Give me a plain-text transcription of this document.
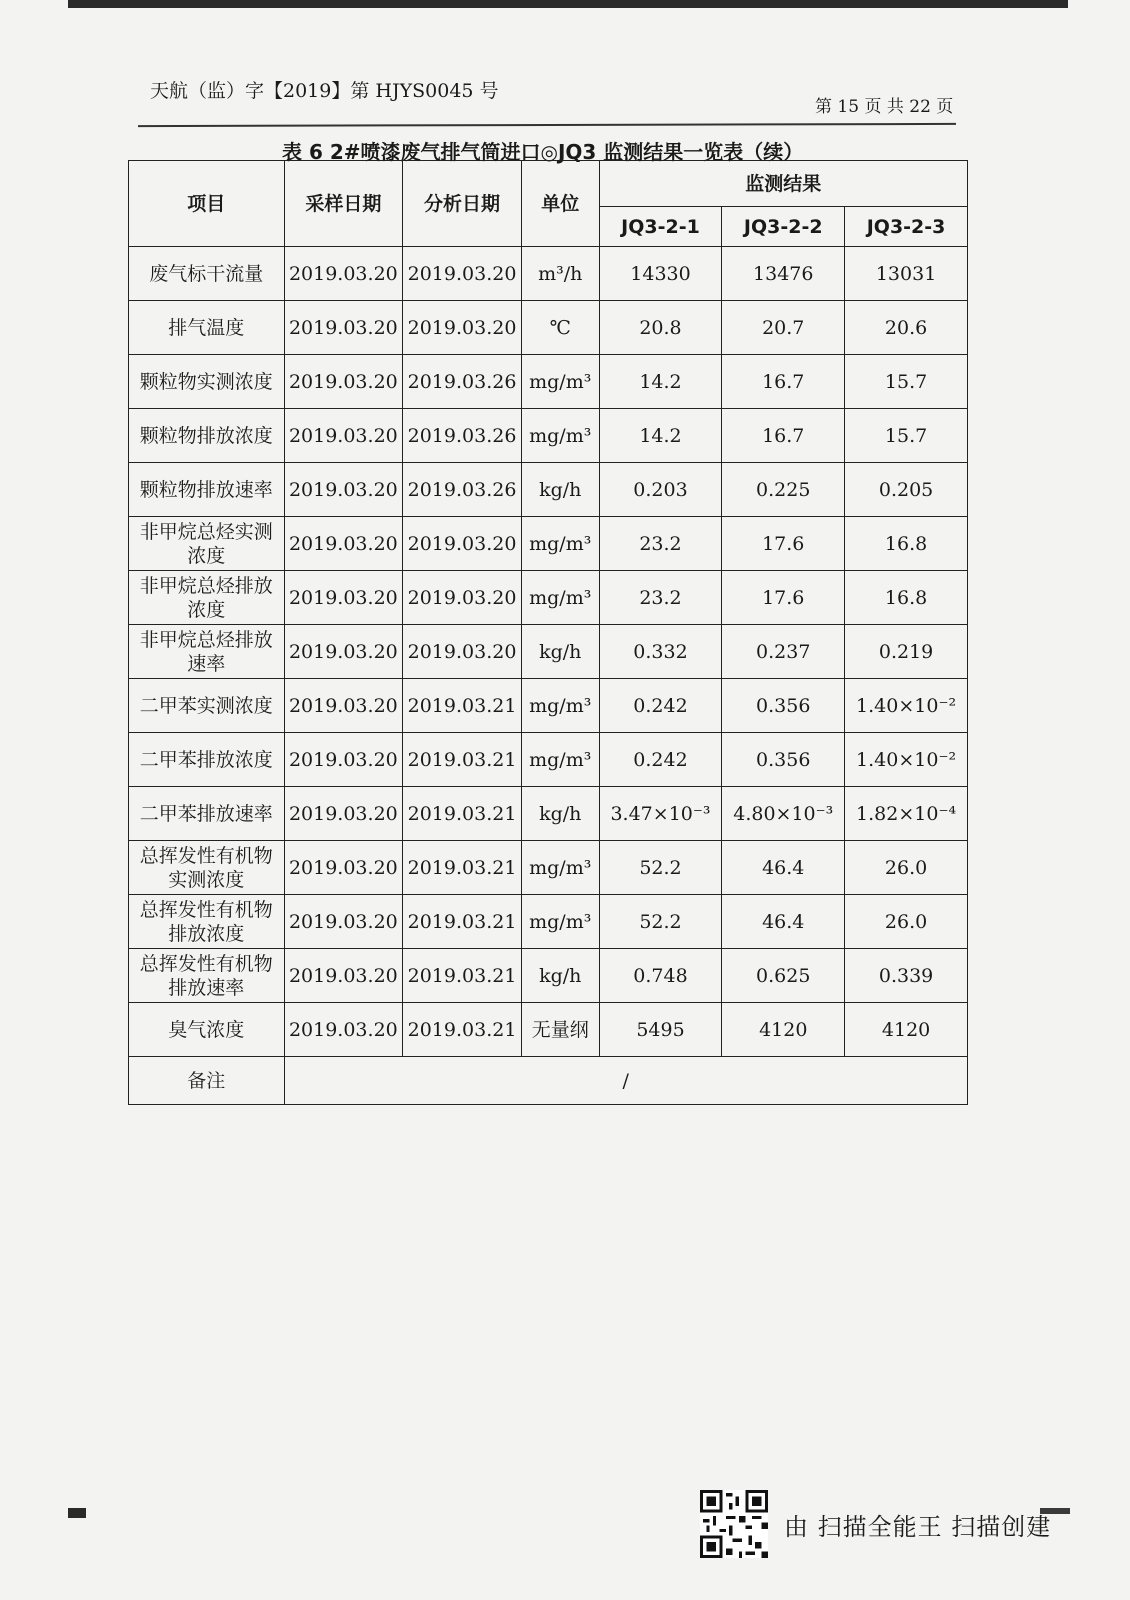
天航（监）字【2019】第 HJYS0045 号
第 15 页 共 22 页
表 6 2#喷漆废气排气筒进口◎JQ3 监测结果一览表（续）
项目	采样日期	分析日期	单位	监测结果		
				JQ3-2-1	JQ3-2-2	JQ3-2-3
废气标干流量	2019.03.20	2019.03.20	m³/h	14330	13476	13031
排气温度	2019.03.20	2019.03.20	℃	20.8	20.7	20.6
颗粒物实测浓度	2019.03.20	2019.03.26	mg/m³	14.2	16.7	15.7
颗粒物排放浓度	2019.03.20	2019.03.26	mg/m³	14.2	16.7	15.7
颗粒物排放速率	2019.03.20	2019.03.26	kg/h	0.203	0.225	0.205
非甲烷总烃实测浓度	2019.03.20	2019.03.20	mg/m³	23.2	17.6	16.8
非甲烷总烃排放浓度	2019.03.20	2019.03.20	mg/m³	23.2	17.6	16.8
非甲烷总烃排放速率	2019.03.20	2019.03.20	kg/h	0.332	0.237	0.219
二甲苯实测浓度	2019.03.20	2019.03.21	mg/m³	0.242	0.356	1.40×10⁻²
二甲苯排放浓度	2019.03.20	2019.03.21	mg/m³	0.242	0.356	1.40×10⁻²
二甲苯排放速率	2019.03.20	2019.03.21	kg/h	3.47×10⁻³	4.80×10⁻³	1.82×10⁻⁴
总挥发性有机物实测浓度	2019.03.20	2019.03.21	mg/m³	52.2	46.4	26.0
总挥发性有机物排放浓度	2019.03.20	2019.03.21	mg/m³	52.2	46.4	26.0
总挥发性有机物排放速率	2019.03.20	2019.03.21	kg/h	0.748	0.625	0.339
臭气浓度	2019.03.20	2019.03.21	无量纲	5495	4120	4120
备注	/					
由 扫描全能王 扫描创建
